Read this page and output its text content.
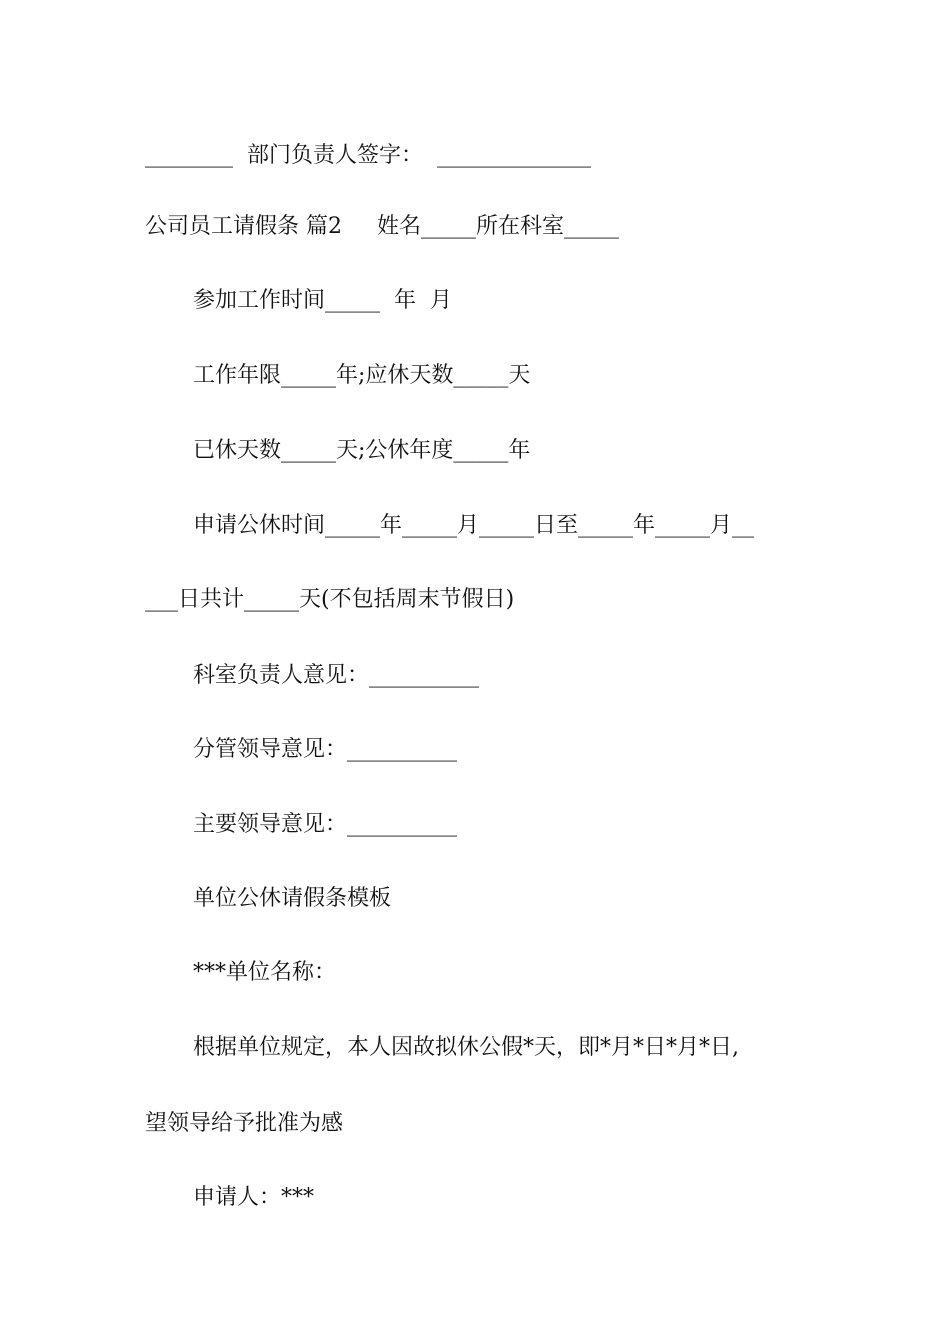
________  部门负责人签字：  ______________
公司员工请假条 篇2     姓名_____所在科室_____
参加工作时间_____  年  月
工作年限_____年;应休天数_____天
已休天数_____天;公休年度_____年
申请公休时间_____年_____月_____日至_____年_____月__
___日共计_____天(不包括周末节假日)
科室负责人意见：__________
分管领导意见：__________
主要领导意见：__________
单位公休请假条模板
***单位名称：
根据单位规定，本人因故拟休公假*天，即*月*日*月*日,
望领导给予批准为感
申请人：***
